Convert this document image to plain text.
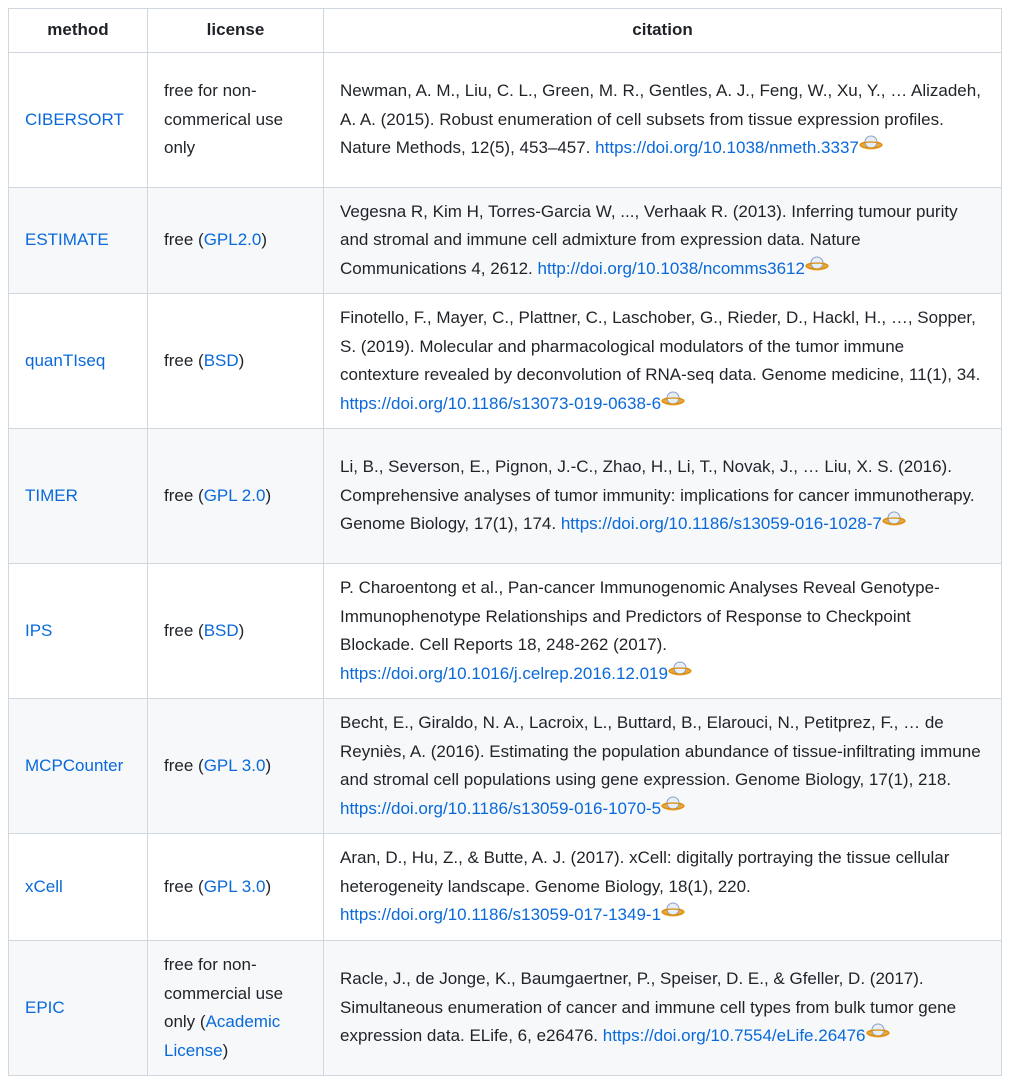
method	license	citation
CIBERSORT	free for non-commerical use only	Newman, A. M., Liu, C. L., Green, M. R., Gentles, A. J., Feng, W., Xu, Y., … Alizadeh, A. A. (2015). Robust enumeration of cell subsets from tissue expression profiles. Nature Methods, 12(5), 453–457. https://doi.org/10.1038/nmeth.3337
ESTIMATE	free (GPL2.0)	Vegesna R, Kim H, Torres-Garcia W, ..., Verhaak R. (2013). Inferring tumour purity and stromal and immune cell admixture from expression data. Nature Communications 4, 2612. http://doi.org/10.1038/ncomms3612
quanTIseq	free (BSD)	Finotello, F., Mayer, C., Plattner, C., Laschober, G., Rieder, D., Hackl, H., …, Sopper, S. (2019). Molecular and pharmacological modulators of the tumor immune contexture revealed by deconvolution of RNA-seq data. Genome medicine, 11(1), 34. https://doi.org/10.1186/s13073-019-0638-6
TIMER	free (GPL 2.0)	Li, B., Severson, E., Pignon, J.-C., Zhao, H., Li, T., Novak, J., … Liu, X. S. (2016). Comprehensive analyses of tumor immunity: implications for cancer immunotherapy. Genome Biology, 17(1), 174. https://doi.org/10.1186/s13059-016-1028-7
IPS	free (BSD)	P. Charoentong et al., Pan-cancer Immunogenomic Analyses Reveal Genotype-Immunophenotype Relationships and Predictors of Response to Checkpoint Blockade. Cell Reports 18, 248-262 (2017). https://doi.org/10.1016/j.celrep.2016.12.019
MCPCounter	free (GPL 3.0)	Becht, E., Giraldo, N. A., Lacroix, L., Buttard, B., Elarouci, N., Petitprez, F., … de Reyniès, A. (2016). Estimating the population abundance of tissue-infiltrating immune and stromal cell populations using gene expression. Genome Biology, 17(1), 218. https://doi.org/10.1186/s13059-016-1070-5
xCell	free (GPL 3.0)	Aran, D., Hu, Z., & Butte, A. J. (2017). xCell: digitally portraying the tissue cellular heterogeneity landscape. Genome Biology, 18(1), 220. https://doi.org/10.1186/s13059-017-1349-1
EPIC	free for non-commercial use only (Academic License)	Racle, J., de Jonge, K., Baumgaertner, P., Speiser, D. E., & Gfeller, D. (2017). Simultaneous enumeration of cancer and immune cell types from bulk tumor gene expression data. ELife, 6, e26476. https://doi.org/10.7554/eLife.26476
